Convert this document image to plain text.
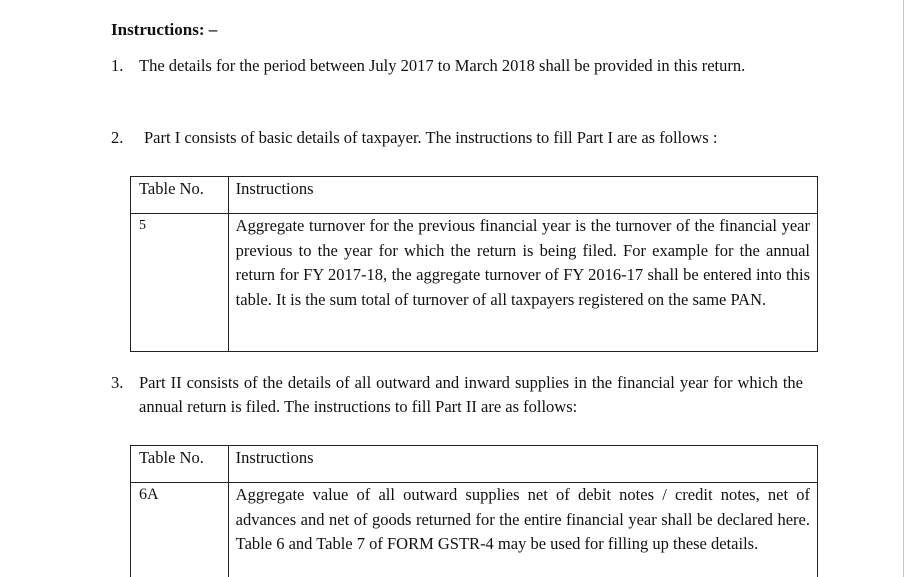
Instructions: –
1. The details for the period between July 2017 to March 2018 shall be provided in this return.
2. Part I consists of basic details of taxpayer. The instructions to fill Part I are as follows :
Table No.	Instructions
5	Aggregate turnover for the previous financial year is the turnover of the financial year previous to the year for which the return is being filed. For example for the annual return for FY 2017-18, the aggregate turnover of FY 2016-17 shall be entered into this table. It is the sum total of turnover of all taxpayers registered on the same PAN.
3. Part II consists of the details of all outward and inward supplies in the financial year for which the annual return is filed. The instructions to fill Part II are as follows:
Table No.	Instructions
6A	Aggregate value of all outward supplies net of debit notes / credit notes, net of advances and net of goods returned for the entire financial year shall be declared here. Table 6 and Table 7 of FORM GSTR-4 may be used for filling up these details.
